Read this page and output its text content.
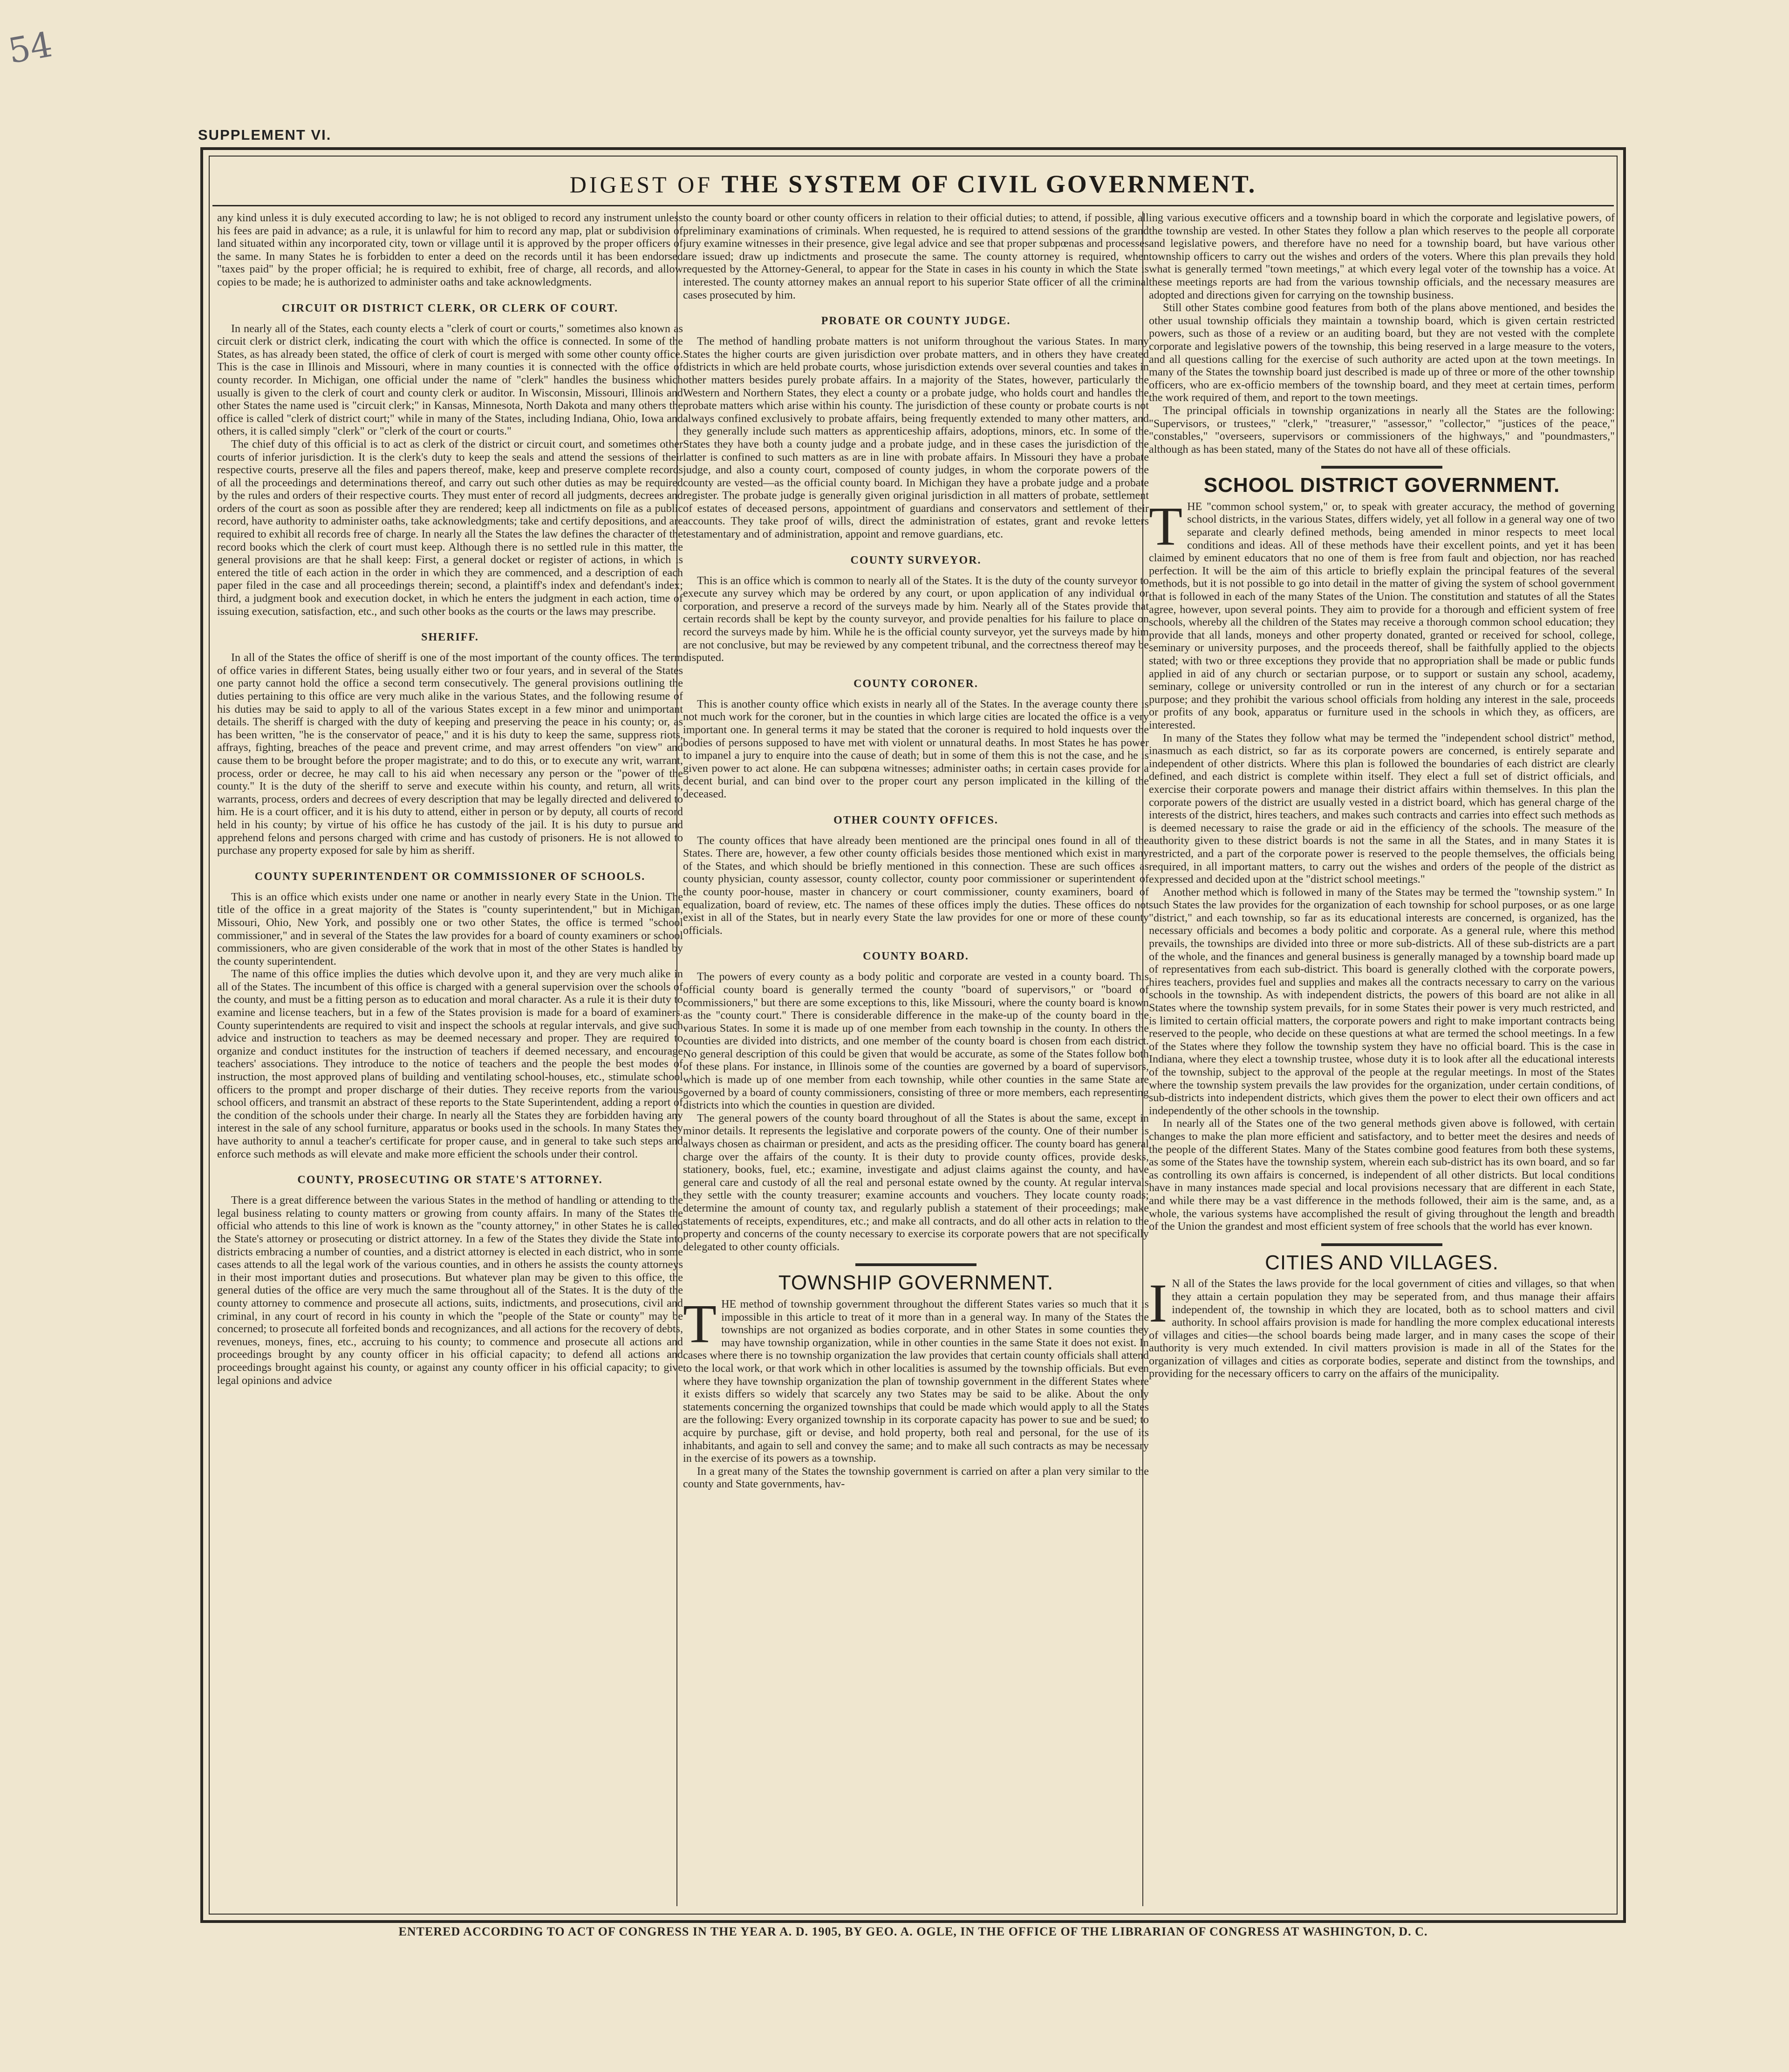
54
SUPPLEMENT VI.
DIGEST OF THE SYSTEM OF CIVIL GOVERNMENT.

any kind unless it is duly executed according to law; he is not obliged to record any instrument unless his fees are paid in advance; as a rule, it is unlawful for him to record any map, plat or subdivision of land situated within any incorporated city, town or village until it is approved by the proper officers of the same. In many States he is forbidden to enter a deed on the records until it has been endorsed "taxes paid" by the proper official; he is required to exhibit, free of charge, all records, and allow copies to be made; he is authorized to administer oaths and take acknowledgments.

CIRCUIT OR DISTRICT CLERK, OR CLERK OF COURT.

In nearly all of the States, each county elects a "clerk of court or courts," sometimes also known as circuit clerk or district clerk, indicating the court with which the office is connected. In some of the States, as has already been stated, the office of clerk of court is merged with some other county office. This is the case in Illinois and Missouri, where in many counties it is connected with the office of county recorder. In Michigan, one official under the name of "clerk" handles the business which usually is given to the clerk of court and county clerk or auditor. In Wisconsin, Missouri, Illinois and other States the name used is "circuit clerk;" in Kansas, Minnesota, North Dakota and many others the office is called "clerk of district court;" while in many of the States, including Indiana, Ohio, Iowa and others, it is called simply "clerk" or "clerk of the court or courts."

The chief duty of this official is to act as clerk of the district or circuit court, and sometimes other courts of inferior jurisdiction. It is the clerk's duty to keep the seals and attend the sessions of their respective courts, preserve all the files and papers thereof, make, keep and preserve complete records of all the proceedings and determinations thereof, and carry out such other duties as may be required by the rules and orders of their respective courts. They must enter of record all judgments, decrees and orders of the court as soon as possible after they are rendered; keep all indictments on file as a public record, have authority to administer oaths, take acknowledgments; take and certify depositions, and are required to exhibit all records free of charge. In nearly all the States the law defines the character of the record books which the clerk of court must keep. Although there is no settled rule in this matter, the general provisions are that he shall keep: First, a general docket or register of actions, in which is entered the title of each action in the order in which they are commenced, and a description of each paper filed in the case and all proceedings therein; second, a plaintiff's index and defendant's index; third, a judgment book and execution docket, in which he enters the judgment in each action, time of issuing execution, satisfaction, etc., and such other books as the courts or the laws may prescribe.

SHERIFF.

In all of the States the office of sheriff is one of the most important of the county offices. The term of office varies in different States, being usually either two or four years, and in several of the States one party cannot hold the office a second term consecutively. The general provisions outlining the duties pertaining to this office are very much alike in the various States, and the following resume of his duties may be said to apply to all of the various States except in a few minor and unimportant details. The sheriff is charged with the duty of keeping and preserving the peace in his county; or, as has been written, "he is the conservator of peace," and it is his duty to keep the same, suppress riots, affrays, fighting, breaches of the peace and prevent crime, and may arrest offenders "on view" and cause them to be brought before the proper magistrate; and to do this, or to execute any writ, warrant, process, order or decree, he may call to his aid when necessary any person or the "power of the county." It is the duty of the sheriff to serve and execute within his county, and return, all writs, warrants, process, orders and decrees of every description that may be legally directed and delivered to him. He is a court officer, and it is his duty to attend, either in person or by deputy, all courts of record held in his county; by virtue of his office he has custody of the jail. It is his duty to pursue and apprehend felons and persons charged with crime and has custody of prisoners. He is not allowed to purchase any property exposed for sale by him as sheriff.

COUNTY SUPERINTENDENT OR COMMISSIONER OF SCHOOLS.

This is an office which exists under one name or another in nearly every State in the Union. The title of the office in a great majority of the States is "county superintendent," but in Michigan, Missouri, Ohio, New York, and possibly one or two other States, the office is termed "school commissioner," and in several of the States the law provides for a board of county examiners or school commissioners, who are given considerable of the work that in most of the other States is handled by the county superintendent.

The name of this office implies the duties which devolve upon it, and they are very much alike in all of the States. The incumbent of this office is charged with a general supervision over the schools of the county, and must be a fitting person as to education and moral character. As a rule it is their duty to examine and license teachers, but in a few of the States provision is made for a board of examiners. County superintendents are required to visit and inspect the schools at regular intervals, and give such advice and instruction to teachers as may be deemed necessary and proper. They are required to organize and conduct institutes for the instruction of teachers if deemed necessary, and encourage teachers' associations. They introduce to the notice of teachers and the people the best modes of instruction, the most approved plans of building and ventilating school-houses, etc., stimulate school officers to the prompt and proper discharge of their duties. They receive reports from the various school officers, and transmit an abstract of these reports to the State Superintendent, adding a report of the condition of the schools under their charge. In nearly all the States they are forbidden having any interest in the sale of any school furniture, apparatus or books used in the schools. In many States they have authority to annul a teacher's certificate for proper cause, and in general to take such steps and enforce such methods as will elevate and make more efficient the schools under their control.

COUNTY, PROSECUTING OR STATE'S ATTORNEY.

There is a great difference between the various States in the method of handling or attending to the legal business relating to county matters or growing from county affairs. In many of the States the official who attends to this line of work is known as the "county attorney," in other States he is called the State's attorney or prosecuting or district attorney. In a few of the States they divide the State into districts embracing a number of counties, and a district attorney is elected in each district, who in some cases attends to all the legal work of the various counties, and in others he assists the county attorneys in their most important duties and prosecutions. But whatever plan may be given to this office, the general duties of the office are very much the same throughout all of the States. It is the duty of the county attorney to commence and prosecute all actions, suits, indictments, and prosecutions, civil and criminal, in any court of record in his county in which the "people of the State or county" may be concerned; to prosecute all forfeited bonds and recognizances, and all actions for the recovery of debts, revenues, moneys, fines, etc., accruing to his county; to commence and prosecute all actions and proceedings brought by any county officer in his official capacity; to defend all actions and proceedings brought against his county, or against any county officer in his official capacity; to give legal opinions and advice

to the county board or other county officers in relation to their official duties; to attend, if possible, all preliminary examinations of criminals. When requested, he is required to attend sessions of the grand jury examine witnesses in their presence, give legal advice and see that proper subpœnas and processes are issued; draw up indictments and prosecute the same. The county attorney is required, when requested by the Attorney-General, to appear for the State in cases in his county in which the State is interested. The county attorney makes an annual report to his superior State officer of all the criminal cases prosecuted by him.

PROBATE OR COUNTY JUDGE.

The method of handling probate matters is not uniform throughout the various States. In many States the higher courts are given jurisdiction over probate matters, and in others they have created districts in which are held probate courts, whose jurisdiction extends over several counties and takes in other matters besides purely probate affairs. In a majority of the States, however, particularly the Western and Northern States, they elect a county or a probate judge, who holds court and handles the probate matters which arise within his county. The jurisdiction of these county or probate courts is not always confined exclusively to probate affairs, being frequently extended to many other matters, and they generally include such matters as apprenticeship affairs, adoptions, minors, etc. In some of the States they have both a county judge and a probate judge, and in these cases the jurisdiction of the latter is confined to such matters as are in line with probate affairs. In Missouri they have a probate judge, and also a county court, composed of county judges, in whom the corporate powers of the county are vested—as the official county board. In Michigan they have a probate judge and a probate register. The probate judge is generally given original jurisdiction in all matters of probate, settlement of estates of deceased persons, appointment of guardians and conservators and settlement of their accounts. They take proof of wills, direct the administration of estates, grant and revoke letters testamentary and of administration, appoint and remove guardians, etc.

COUNTY SURVEYOR.

This is an office which is common to nearly all of the States. It is the duty of the county surveyor to execute any survey which may be ordered by any court, or upon application of any individual or corporation, and preserve a record of the surveys made by him. Nearly all of the States provide that certain records shall be kept by the county surveyor, and provide penalties for his failure to place on record the surveys made by him. While he is the official county surveyor, yet the surveys made by him are not conclusive, but may be reviewed by any competent tribunal, and the correctness thereof may be disputed.

COUNTY CORONER.

This is another county office which exists in nearly all of the States. In the average county there is not much work for the coroner, but in the counties in which large cities are located the office is a very important one. In general terms it may be stated that the coroner is required to hold inquests over the bodies of persons supposed to have met with violent or unnatural deaths. In most States he has power to impanel a jury to enquire into the cause of death; but in some of them this is not the case, and he is given power to act alone. He can subpœna witnesses; administer oaths; in certain cases provide for a decent burial, and can bind over to the proper court any person implicated in the killing of the deceased.

OTHER COUNTY OFFICES.

The county offices that have already been mentioned are the principal ones found in all of the States. There are, however, a few other county officials besides those mentioned which exist in many of the States, and which should be briefly mentioned in this connection. These are such offices as county physician, county assessor, county collector, county poor commissioner or superintendent of the county poor-house, master in chancery or court commissioner, county examiners, board of equalization, board of review, etc. The names of these offices imply the duties. These offices do not exist in all of the States, but in nearly every State the law provides for one or more of these county officials.

COUNTY BOARD.

The powers of every county as a body politic and corporate are vested in a county board. This official county board is generally termed the county "board of supervisors," or "board of commissioners," but there are some exceptions to this, like Missouri, where the county board is known as the "county court." There is considerable difference in the make-up of the county board in the various States. In some it is made up of one member from each township in the county. In others the counties are divided into districts, and one member of the county board is chosen from each district. No general description of this could be given that would be accurate, as some of the States follow both of these plans. For instance, in Illinois some of the counties are governed by a board of supervisors, which is made up of one member from each township, while other counties in the same State are governed by a board of county commissioners, consisting of three or more members, each representing districts into which the counties in question are divided.

The general powers of the county board throughout of all the States is about the same, except in minor details. It represents the legislative and corporate powers of the county. One of their number is always chosen as chairman or president, and acts as the presiding officer. The county board has general charge over the affairs of the county. It is their duty to provide county offices, provide desks, stationery, books, fuel, etc.; examine, investigate and adjust claims against the county, and have general care and custody of all the real and personal estate owned by the county. At regular intervals they settle with the county treasurer; examine accounts and vouchers. They locate county roads; determine the amount of county tax, and regularly publish a statement of their proceedings; make statements of receipts, expenditures, etc.; and make all contracts, and do all other acts in relation to the property and concerns of the county necessary to exercise its corporate powers that are not specifically delegated to other county officials.

TOWNSHIP GOVERNMENT.

THE method of township government throughout the different States varies so much that it is impossible in this article to treat of it more than in a general way. In many of the States the townships are not organized as bodies corporate, and in other States in some counties they may have township organization, while in other counties in the same State it does not exist. In cases where there is no township organization the law provides that certain county officials shall attend to the local work, or that work which in other localities is assumed by the township officials. But even where they have township organization the plan of township government in the different States where it exists differs so widely that scarcely any two States may be said to be alike. About the only statements concerning the organized townships that could be made which would apply to all the States are the following: Every organized township in its corporate capacity has power to sue and be sued; to acquire by purchase, gift or devise, and hold property, both real and personal, for the use of its inhabitants, and again to sell and convey the same; and to make all such contracts as may be necessary in the exercise of its powers as a township.

In a great many of the States the township government is carried on after a plan very similar to the county and State governments, hav-

ing various executive officers and a township board in which the corporate and legislative powers, of the township are vested. In other States they follow a plan which reserves to the people all corporate and legislative powers, and therefore have no need for a township board, but have various other township officers to carry out the wishes and orders of the voters. Where this plan prevails they hold what is generally termed "town meetings," at which every legal voter of the township has a voice. At these meetings reports are had from the various township officials, and the necessary measures are adopted and directions given for carrying on the township business.

Still other States combine good features from both of the plans above mentioned, and besides the other usual township officials they maintain a township board, which is given certain restricted powers, such as those of a review or an auditing board, but they are not vested with the complete corporate and legislative powers of the township, this being reserved in a large measure to the voters, and all questions calling for the exercise of such authority are acted upon at the town meetings. In many of the States the township board just described is made up of three or more of the other township officers, who are ex-officio members of the township board, and they meet at certain times, perform the work required of them, and report to the town meetings.

The principal officials in township organizations in nearly all the States are the following: "Supervisors, or trustees," "clerk," "treasurer," "assessor," "collector," "justices of the peace," "constables," "overseers, supervisors or commissioners of the highways," and "poundmasters," although as has been stated, many of the States do not have all of these officials.

SCHOOL DISTRICT GOVERNMENT.

THE "common school system," or, to speak with greater accuracy, the method of governing school districts, in the various States, differs widely, yet all follow in a general way one of two separate and clearly defined methods, being amended in minor respects to meet local conditions and ideas. All of these methods have their excellent points, and yet it has been claimed by eminent educators that no one of them is free from fault and objection, nor has reached perfection. It will be the aim of this article to briefly explain the principal features of the several methods, but it is not possible to go into detail in the matter of giving the system of school government that is followed in each of the many States of the Union. The constitution and statutes of all the States agree, however, upon several points. They aim to provide for a thorough and efficient system of free schools, whereby all the children of the States may receive a thorough common school education; they provide that all lands, moneys and other property donated, granted or received for school, college, seminary or university purposes, and the proceeds thereof, shall be faithfully applied to the objects stated; with two or three exceptions they provide that no appropriation shall be made or public funds applied in aid of any church or sectarian purpose, or to support or sustain any school, academy, seminary, college or university controlled or run in the interest of any church or for a sectarian purpose; and they prohibit the various school officials from holding any interest in the sale, proceeds or profits of any book, apparatus or furniture used in the schools in which they, as officers, are interested.

In many of the States they follow what may be termed the "independent school district" method, inasmuch as each district, so far as its corporate powers are concerned, is entirely separate and independent of other districts. Where this plan is followed the boundaries of each district are clearly defined, and each district is complete within itself. They elect a full set of district officials, and exercise their corporate powers and manage their district affairs within themselves. In this plan the corporate powers of the district are usually vested in a district board, which has general charge of the interests of the district, hires teachers, and makes such contracts and carries into effect such methods as is deemed necessary to raise the grade or aid in the efficiency of the schools. The measure of the authority given to these district boards is not the same in all the States, and in many States it is restricted, and a part of the corporate power is reserved to the people themselves, the officials being required, in all important matters, to carry out the wishes and orders of the people of the district as expressed and decided upon at the "district school meetings."

Another method which is followed in many of the States may be termed the "township system." In such States the law provides for the organization of each township for school purposes, or as one large "district," and each township, so far as its educational interests are concerned, is organized, has the necessary officials and becomes a body politic and corporate. As a general rule, where this method prevails, the townships are divided into three or more sub-districts. All of these sub-districts are a part of the whole, and the finances and general business is generally managed by a township board made up of representatives from each sub-district. This board is generally clothed with the corporate powers, hires teachers, provides fuel and supplies and makes all the contracts necessary to carry on the various schools in the township. As with independent districts, the powers of this board are not alike in all States where the township system prevails, for in some States their power is very much restricted, and is limited to certain official matters, the corporate powers and right to make important contracts being reserved to the people, who decide on these questions at what are termed the school meetings. In a few of the States where they follow the township system they have no official board. This is the case in Indiana, where they elect a township trustee, whose duty it is to look after all the educational interests of the township, subject to the approval of the people at the regular meetings. In most of the States where the township system prevails the law provides for the organization, under certain conditions, of sub-districts into independent districts, which gives them the power to elect their own officers and act independently of the other schools in the township.

In nearly all of the States one of the two general methods given above is followed, with certain changes to make the plan more efficient and satisfactory, and to better meet the desires and needs of the people of the different States. Many of the States combine good features from both these systems, as some of the States have the township system, wherein each sub-district has its own board, and so far as controlling its own affairs is concerned, is independent of all other districts. But local conditions have in many instances made special and local provisions necessary that are different in each State, and while there may be a vast difference in the methods followed, their aim is the same, and, as a whole, the various systems have accomplished the result of giving throughout the length and breadth of the Union the grandest and most efficient system of free schools that the world has ever known.

CITIES AND VILLAGES.

I N all of the States the laws provide for the local government of cities and villages, so that when they attain a certain population they may be seperated from, and thus manage their affairs independent of, the township in which they are located, both as to school matters and civil authority. In school affairs provision is made for handling the more complex educational interests of villages and cities—the school boards being made larger, and in many cases the scope of their authority is very much extended. In civil matters provision is made in all of the States for the organization of villages and cities as corporate bodies, seperate and distinct from the townships, and providing for the necessary officers to carry on the affairs of the municipality.

ENTERED ACCORDING TO ACT OF CONGRESS IN THE YEAR A. D. 1905, BY GEO. A. OGLE, IN THE OFFICE OF THE LIBRARIAN OF CONGRESS AT WASHINGTON, D. C.
